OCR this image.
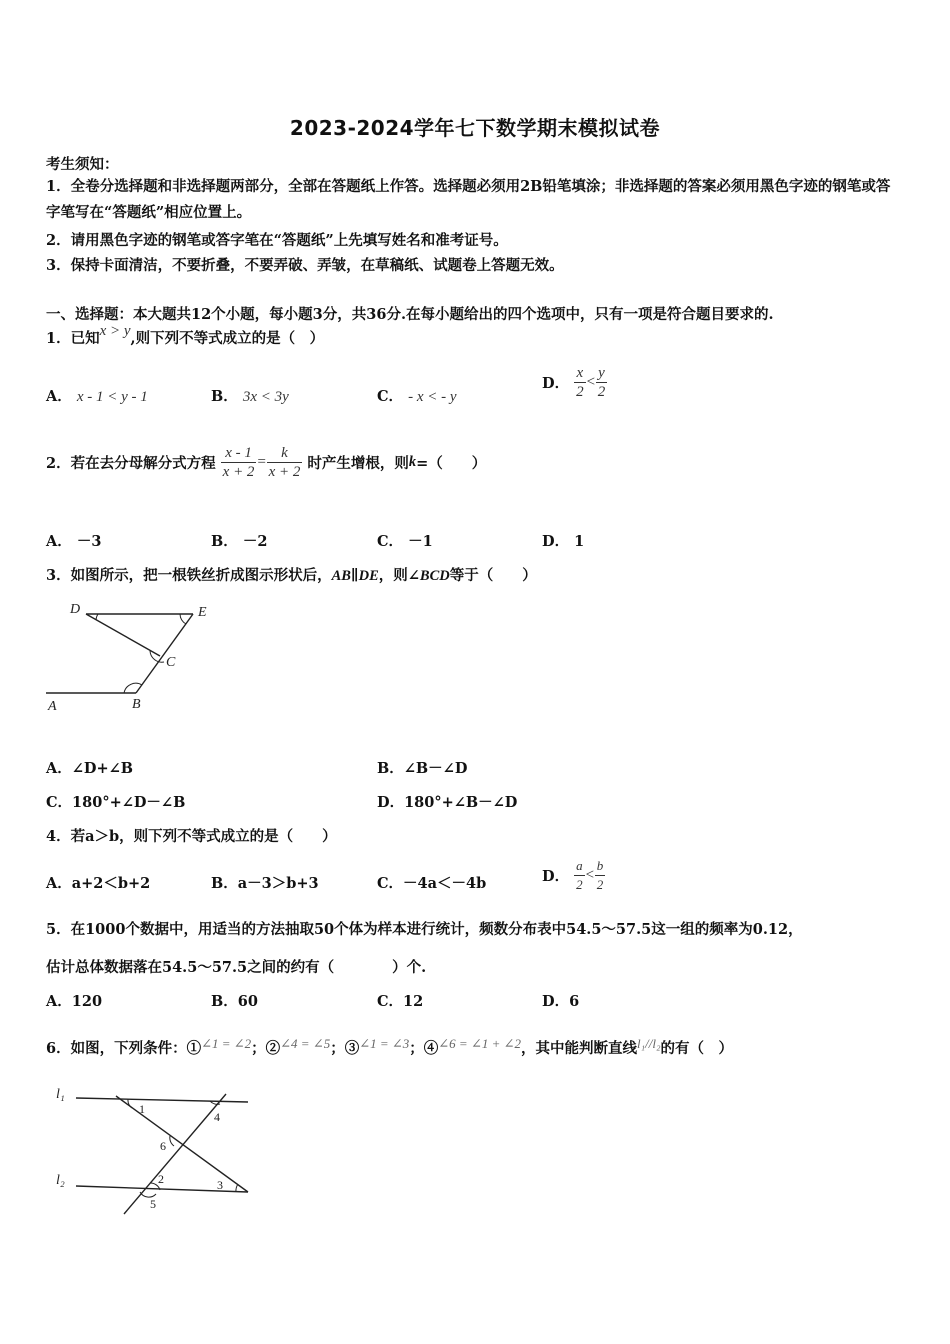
2023-2024学年七下数学期末模拟试卷
考生须知：
1．全卷分选择题和非选择题两部分，全部在答题纸上作答。选择题必须用2B铅笔填涂；非选择题的答案必须用黑色字迹的钢笔或答字笔写在“答题纸”相应位置上。
2．请用黑色字迹的钢笔或答字笔在“答题纸”上先填写姓名和准考证号。
3．保持卡面清洁，不要折叠，不要弄破、弄皱，在草稿纸、试题卷上答题无效。
一、选择题：本大题共12个小题，每小题3分，共36分.在每小题给出的四个选项中，只有一项是符合题目要求的.
1．已知x > y,则下列不等式成立的是（　）
A． x - 1 < y - 1	B． 3x < 3y	C． - x < - y
D． $\frac{x}{2} < \frac{y}{2}$
2．若在去分母解分式方程 $\frac{x - 1}{x + 2} = \frac{k}{x + 2}$ 时产生增根，则k=（　　）
A． －3	B． －2	C． －1	D． 1
3．如图所示，把一根铁丝折成图示形状后，AB∥DE，则∠BCD等于（　　）
D	E
C
A	B
A．∠D+∠B	B．∠B－∠D
C．180°+∠D－∠B	D．180°+∠B－∠D
4．若a＞b，则下列不等式成立的是（　　）
A．a+2＜b+2	B．a－3＞b+3	C．－4a＜－4b	D． $\frac{a}{2} < \frac{b}{2}$
5．在1000个数据中，用适当的方法抽取50个体为样本进行统计，频数分布表中54.5～57.5这一组的频率为0.12，
估计总体数据落在54.5～57.5之间的约有（　　　　）个.
A．120	B．60	C．12	D．6
6．如图，下列条件：①∠1 = ∠2；②∠4 = ∠5；③∠1 = ∠3；④∠6 = ∠1 + ∠2，其中能判断直线l₁//l₂的有（　）
l₁
l₂
1
4
6
2	3
5
